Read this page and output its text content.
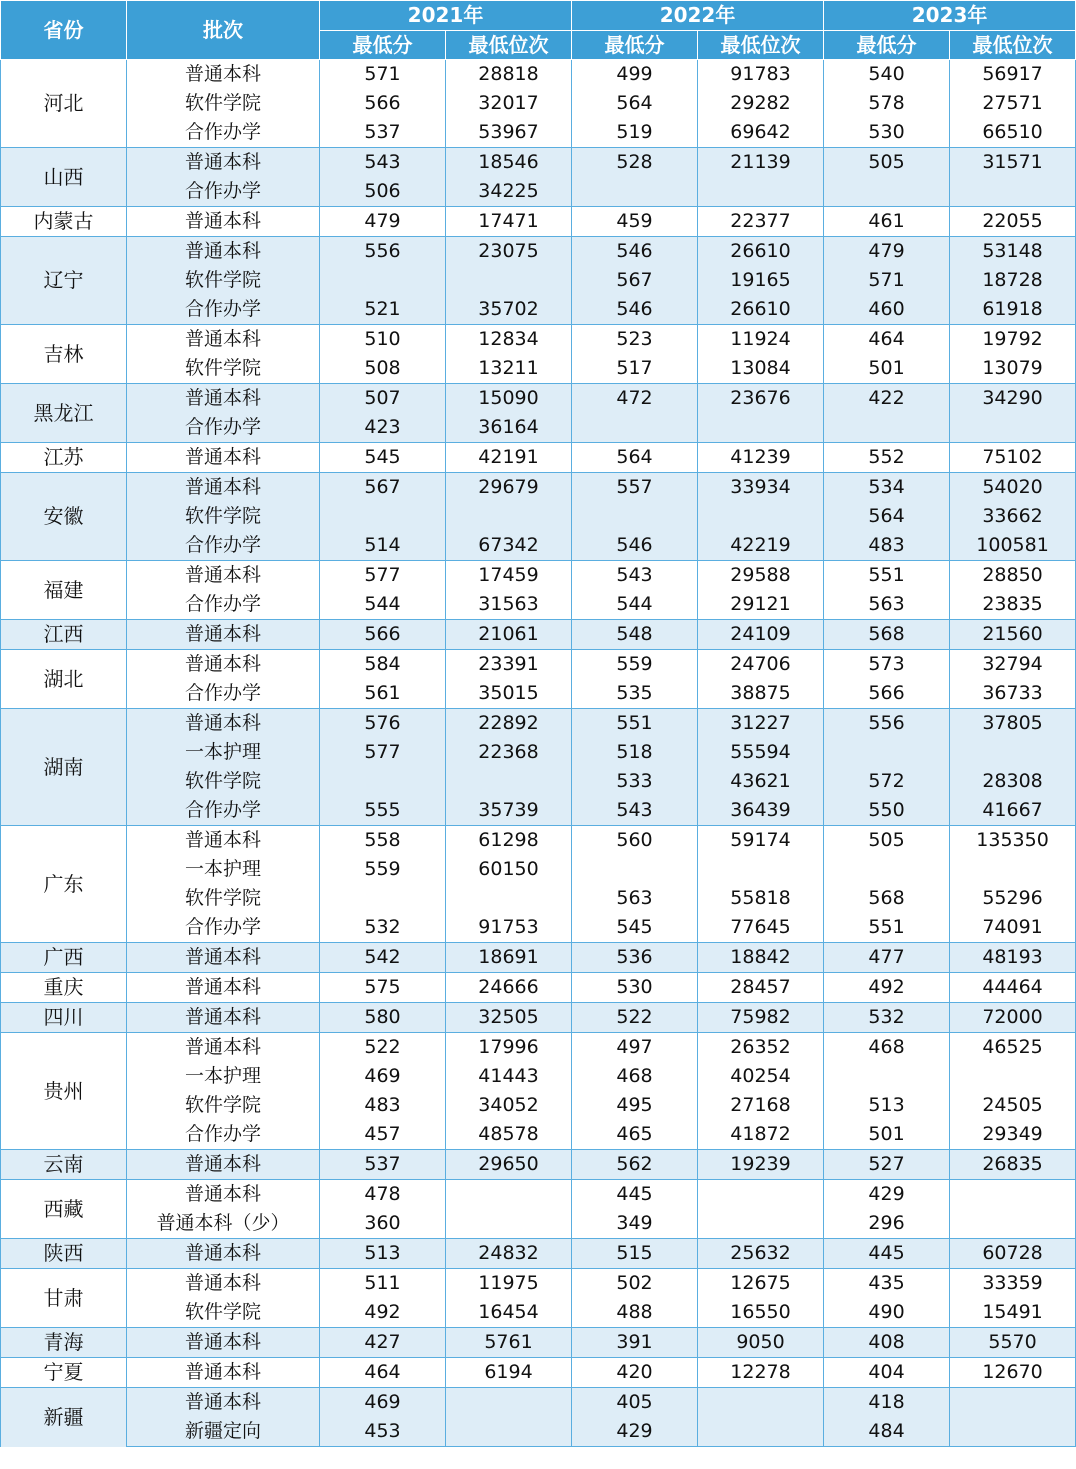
省份	批次	2021年		2022年		2023年	
		最低分	最低位次	最低分	最低位次	最低分	最低位次
河北	普通本科	571	28818	499	91783	540	56917
	软件学院	566	32017	564	29282	578	27571
	合作办学	537	53967	519	69642	530	66510
山西	普通本科	543	18546	528	21139	505	31571
	合作办学	506	34225				
内蒙古	普通本科	479	17471	459	22377	461	22055
辽宁	普通本科	556	23075	546	26610	479	53148
	软件学院			567	19165	571	18728
	合作办学	521	35702	546	26610	460	61918
吉林	普通本科	510	12834	523	11924	464	19792
	软件学院	508	13211	517	13084	501	13079
黑龙江	普通本科	507	15090	472	23676	422	34290
	合作办学	423	36164				
江苏	普通本科	545	42191	564	41239	552	75102
安徽	普通本科	567	29679	557	33934	534	54020
	软件学院					564	33662
	合作办学	514	67342	546	42219	483	100581
福建	普通本科	577	17459	543	29588	551	28850
	合作办学	544	31563	544	29121	563	23835
江西	普通本科	566	21061	548	24109	568	21560
湖北	普通本科	584	23391	559	24706	573	32794
	合作办学	561	35015	535	38875	566	36733
湖南	普通本科	576	22892	551	31227	556	37805
	一本护理	577	22368	518	55594		
	软件学院			533	43621	572	28308
	合作办学	555	35739	543	36439	550	41667
广东	普通本科	558	61298	560	59174	505	135350
	一本护理	559	60150				
	软件学院			563	55818	568	55296
	合作办学	532	91753	545	77645	551	74091
广西	普通本科	542	18691	536	18842	477	48193
重庆	普通本科	575	24666	530	28457	492	44464
四川	普通本科	580	32505	522	75982	532	72000
贵州	普通本科	522	17996	497	26352	468	46525
	一本护理	469	41443	468	40254		
	软件学院	483	34052	495	27168	513	24505
	合作办学	457	48578	465	41872	501	29349
云南	普通本科	537	29650	562	19239	527	26835
西藏	普通本科	478		445		429	
	普通本科（少）	360		349		296	
陕西	普通本科	513	24832	515	25632	445	60728
甘肃	普通本科	511	11975	502	12675	435	33359
	软件学院	492	16454	488	16550	490	15491
青海	普通本科	427	5761	391	9050	408	5570
宁夏	普通本科	464	6194	420	12278	404	12670
新疆	普通本科	469		405		418	
	新疆定向	453		429		484	
